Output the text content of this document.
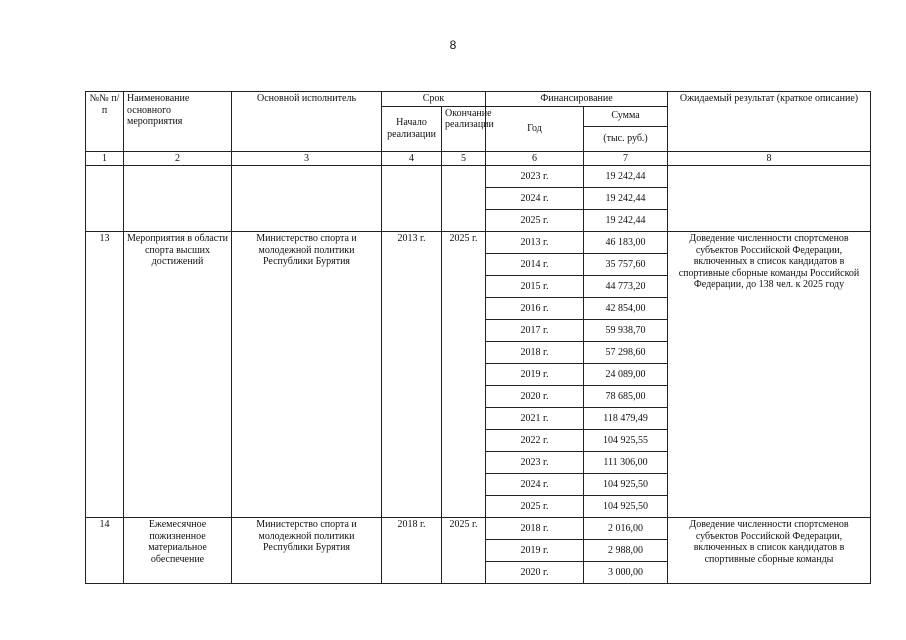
8
№№ п/п	Наименование основного мероприятия	Основной исполнитель	Срок		Финансирование		Ожидаемый результат (краткое описание)
			Начало реализации	Окончание реализации	Год	Сумма	
						(тыс. руб.)	
1	2	3	4	5	6	7	8
					2023 г.	19 242,44	
					2024 г.	19 242,44	
					2025 г.	19 242,44	
13	Мероприятия в области спорта высших достижений	Министерство спорта и молодежной политики Республики Бурятия	2013 г.	2025 г.	2013 г.	46 183,00	Доведение численности спортсменов субъектов Российской Федерации, включенных в список кандидатов в спортивные сборные команды Российской Федерации, до 138 чел. к 2025 году
					2014 г.	35 757,60	
					2015 г.	44 773,20	
					2016 г.	42 854,00	
					2017 г.	59 938,70	
					2018 г.	57 298,60	
					2019 г.	24 089,00	
					2020 г.	78 685,00	
					2021 г.	118 479,49	
					2022 г.	104 925,55	
					2023 г.	111 306,00	
					2024 г.	104 925,50	
					2025 г.	104 925,50	
14	Ежемесячное пожизненное материальное обеспечение	Министерство спорта и молодежной политики Республики Бурятия	2018 г.	2025 г.	2018 г.	2 016,00	Доведение численности спортсменов субъектов Российской Федерации, включенных в список кандидатов в спортивные сборные команды
					2019 г.	2 988,00	
					2020 г.	3 000,00	
